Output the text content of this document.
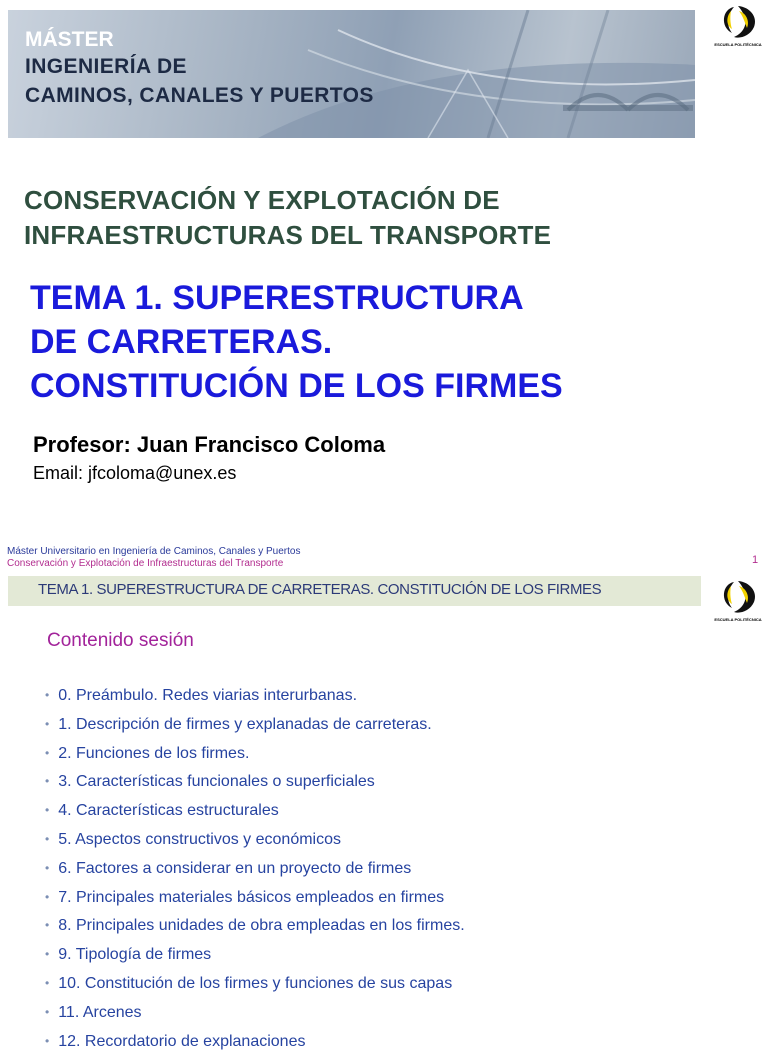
MÁSTER
INGENIERÍA DE
CAMINOS, CANALES Y PUERTOS
ESCUELA POLITÉCNICA
CONSERVACIÓN Y EXPLOTACIÓN DE
INFRAESTRUCTURAS DEL TRANSPORTE
TEMA 1. SUPERESTRUCTURA
DE CARRETERAS.
CONSTITUCIÓN DE LOS FIRMES
Profesor: Juan Francisco Coloma
Email: jfcoloma@unex.es
Máster Universitario en Ingeniería de Caminos, Canales y Puertos
Conservación y Explotación de Infraestructuras del Transporte	1
TEMA 1. SUPERESTRUCTURA DE CARRETERAS. CONSTITUCIÓN DE LOS FIRMES
ESCUELA POLITÉCNICA
Contenido sesión
• 0. Preámbulo. Redes viarias interurbanas.
• 1. Descripción de firmes y explanadas de carreteras.
• 2. Funciones de los firmes.
• 3. Características funcionales o superficiales
• 4. Características estructurales
• 5. Aspectos constructivos y económicos
• 6. Factores a considerar en un proyecto de firmes
• 7. Principales materiales básicos empleados en firmes
• 8. Principales unidades de obra empleadas en los firmes.
• 9. Tipología de firmes
• 10. Constitución de los firmes y funciones de sus capas
• 11. Arcenes
• 12. Recordatorio de explanaciones
